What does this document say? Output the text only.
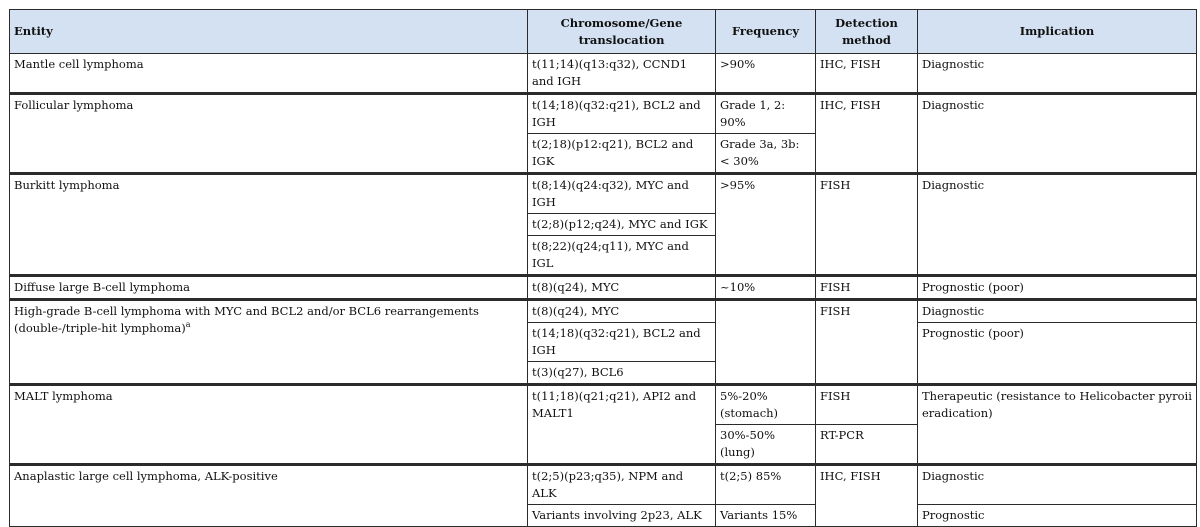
Entity	Chromosome/Gene translocation	Frequency	Detection method	Implication
Mantle cell lymphoma	t(11;14)(q13:q32), CCND1 and IGH	>90%	IHC, FISH	Diagnostic
Follicular lymphoma	t(14;18)(q32:q21), BCL2 and IGH	Grade 1, 2: 90%	IHC, FISH	Diagnostic
	t(2;18)(p12:q21), BCL2 and IGK	Grade 3a, 3b: < 30%		
Burkitt lymphoma	t(8;14)(q24:q32), MYC and IGH	>95%	FISH	Diagnostic
	t(2;8)(p12;q24), MYC and IGK			
	t(8;22)(q24;q11), MYC and IGL			
Diffuse large B-cell lymphoma	t(8)(q24), MYC	~10%	FISH	Prognostic (poor)
High-grade B-cell lymphoma with MYC and BCL2 and/or BCL6 rearrangements (double-/triple-hit lymphoma)$^a$	t(8)(q24), MYC		FISH	Diagnostic
	t(14;18)(q32:q21), BCL2 and IGH			Prognostic (poor)
	t(3)(q27), BCL6			
MALT lymphoma	t(11;18)(q21;q21), API2 and MALT1	5%-20% (stomach)	FISH	Therapeutic (resistance to Helicobacter pyroii eradication)
		30%-50% (lung)	RT-PCR	
Anaplastic large cell lymphoma, ALK-positive	t(2;5)(p23;q35), NPM and ALK	t(2;5) 85%	IHC, FISH	Diagnostic
	Variants involving 2p23, ALK	Variants 15%		Prognostic
